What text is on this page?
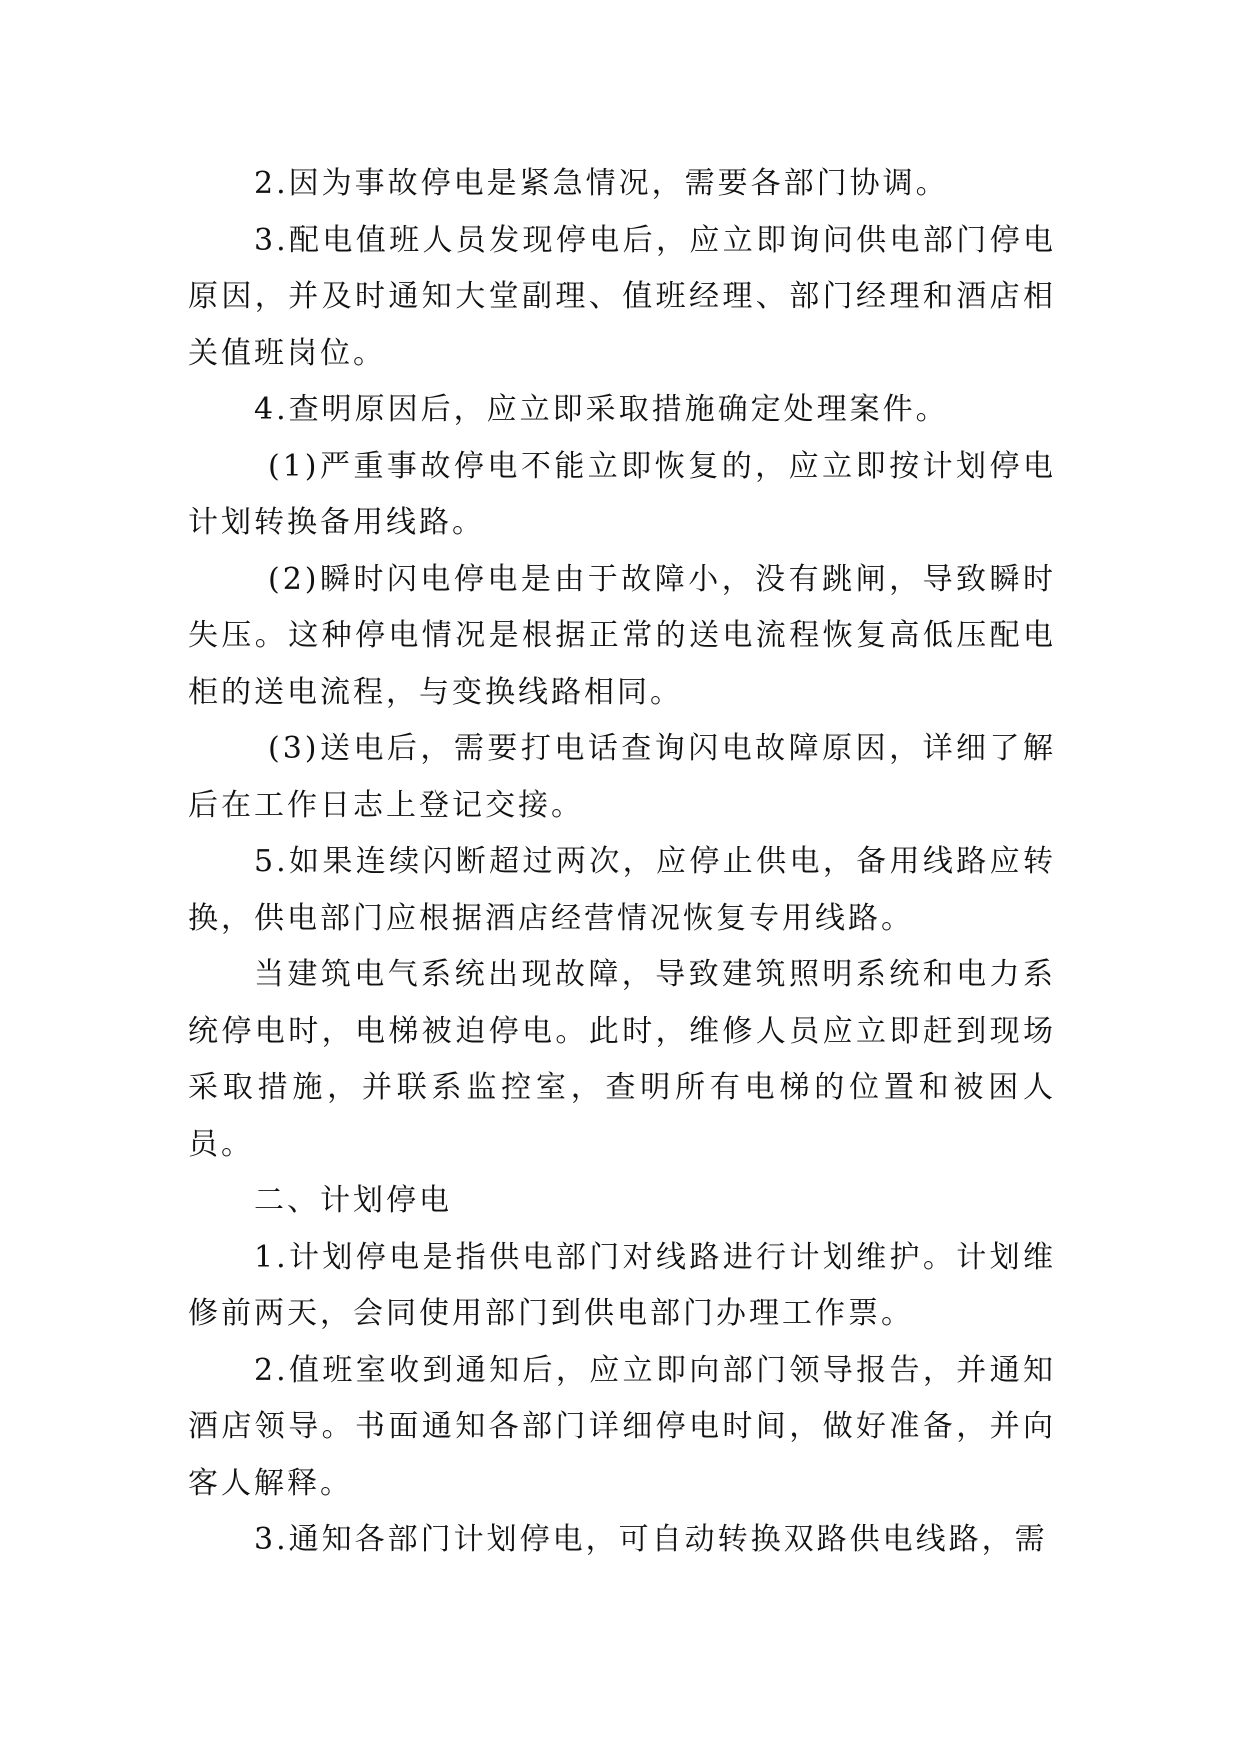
2.因为事故停电是紧急情况，需要各部门协调。

3.配电值班人员发现停电后，应立即询问供电部门停电原因，并及时通知大堂副理、值班经理、部门经理和酒店相关值班岗位。

4.查明原因后，应立即采取措施确定处理案件。

(1)严重事故停电不能立即恢复的，应立即按计划停电计划转换备用线路。

(2)瞬时闪电停电是由于故障小，没有跳闸，导致瞬时失压。这种停电情况是根据正常的送电流程恢复高低压配电柜的送电流程，与变换线路相同。

(3)送电后，需要打电话查询闪电故障原因，详细了解后在工作日志上登记交接。

5.如果连续闪断超过两次，应停止供电，备用线路应转换，供电部门应根据酒店经营情况恢复专用线路。

当建筑电气系统出现故障，导致建筑照明系统和电力系统停电时，电梯被迫停电。此时，维修人员应立即赶到现场采取措施，并联系监控室，查明所有电梯的位置和被困人员。

二、计划停电

1.计划停电是指供电部门对线路进行计划维护。计划维修前两天，会同使用部门到供电部门办理工作票。

2.值班室收到通知后，应立即向部门领导报告，并通知酒店领导。书面通知各部门详细停电时间，做好准备，并向客人解释。

3.通知各部门计划停电，可自动转换双路供电线路，需
